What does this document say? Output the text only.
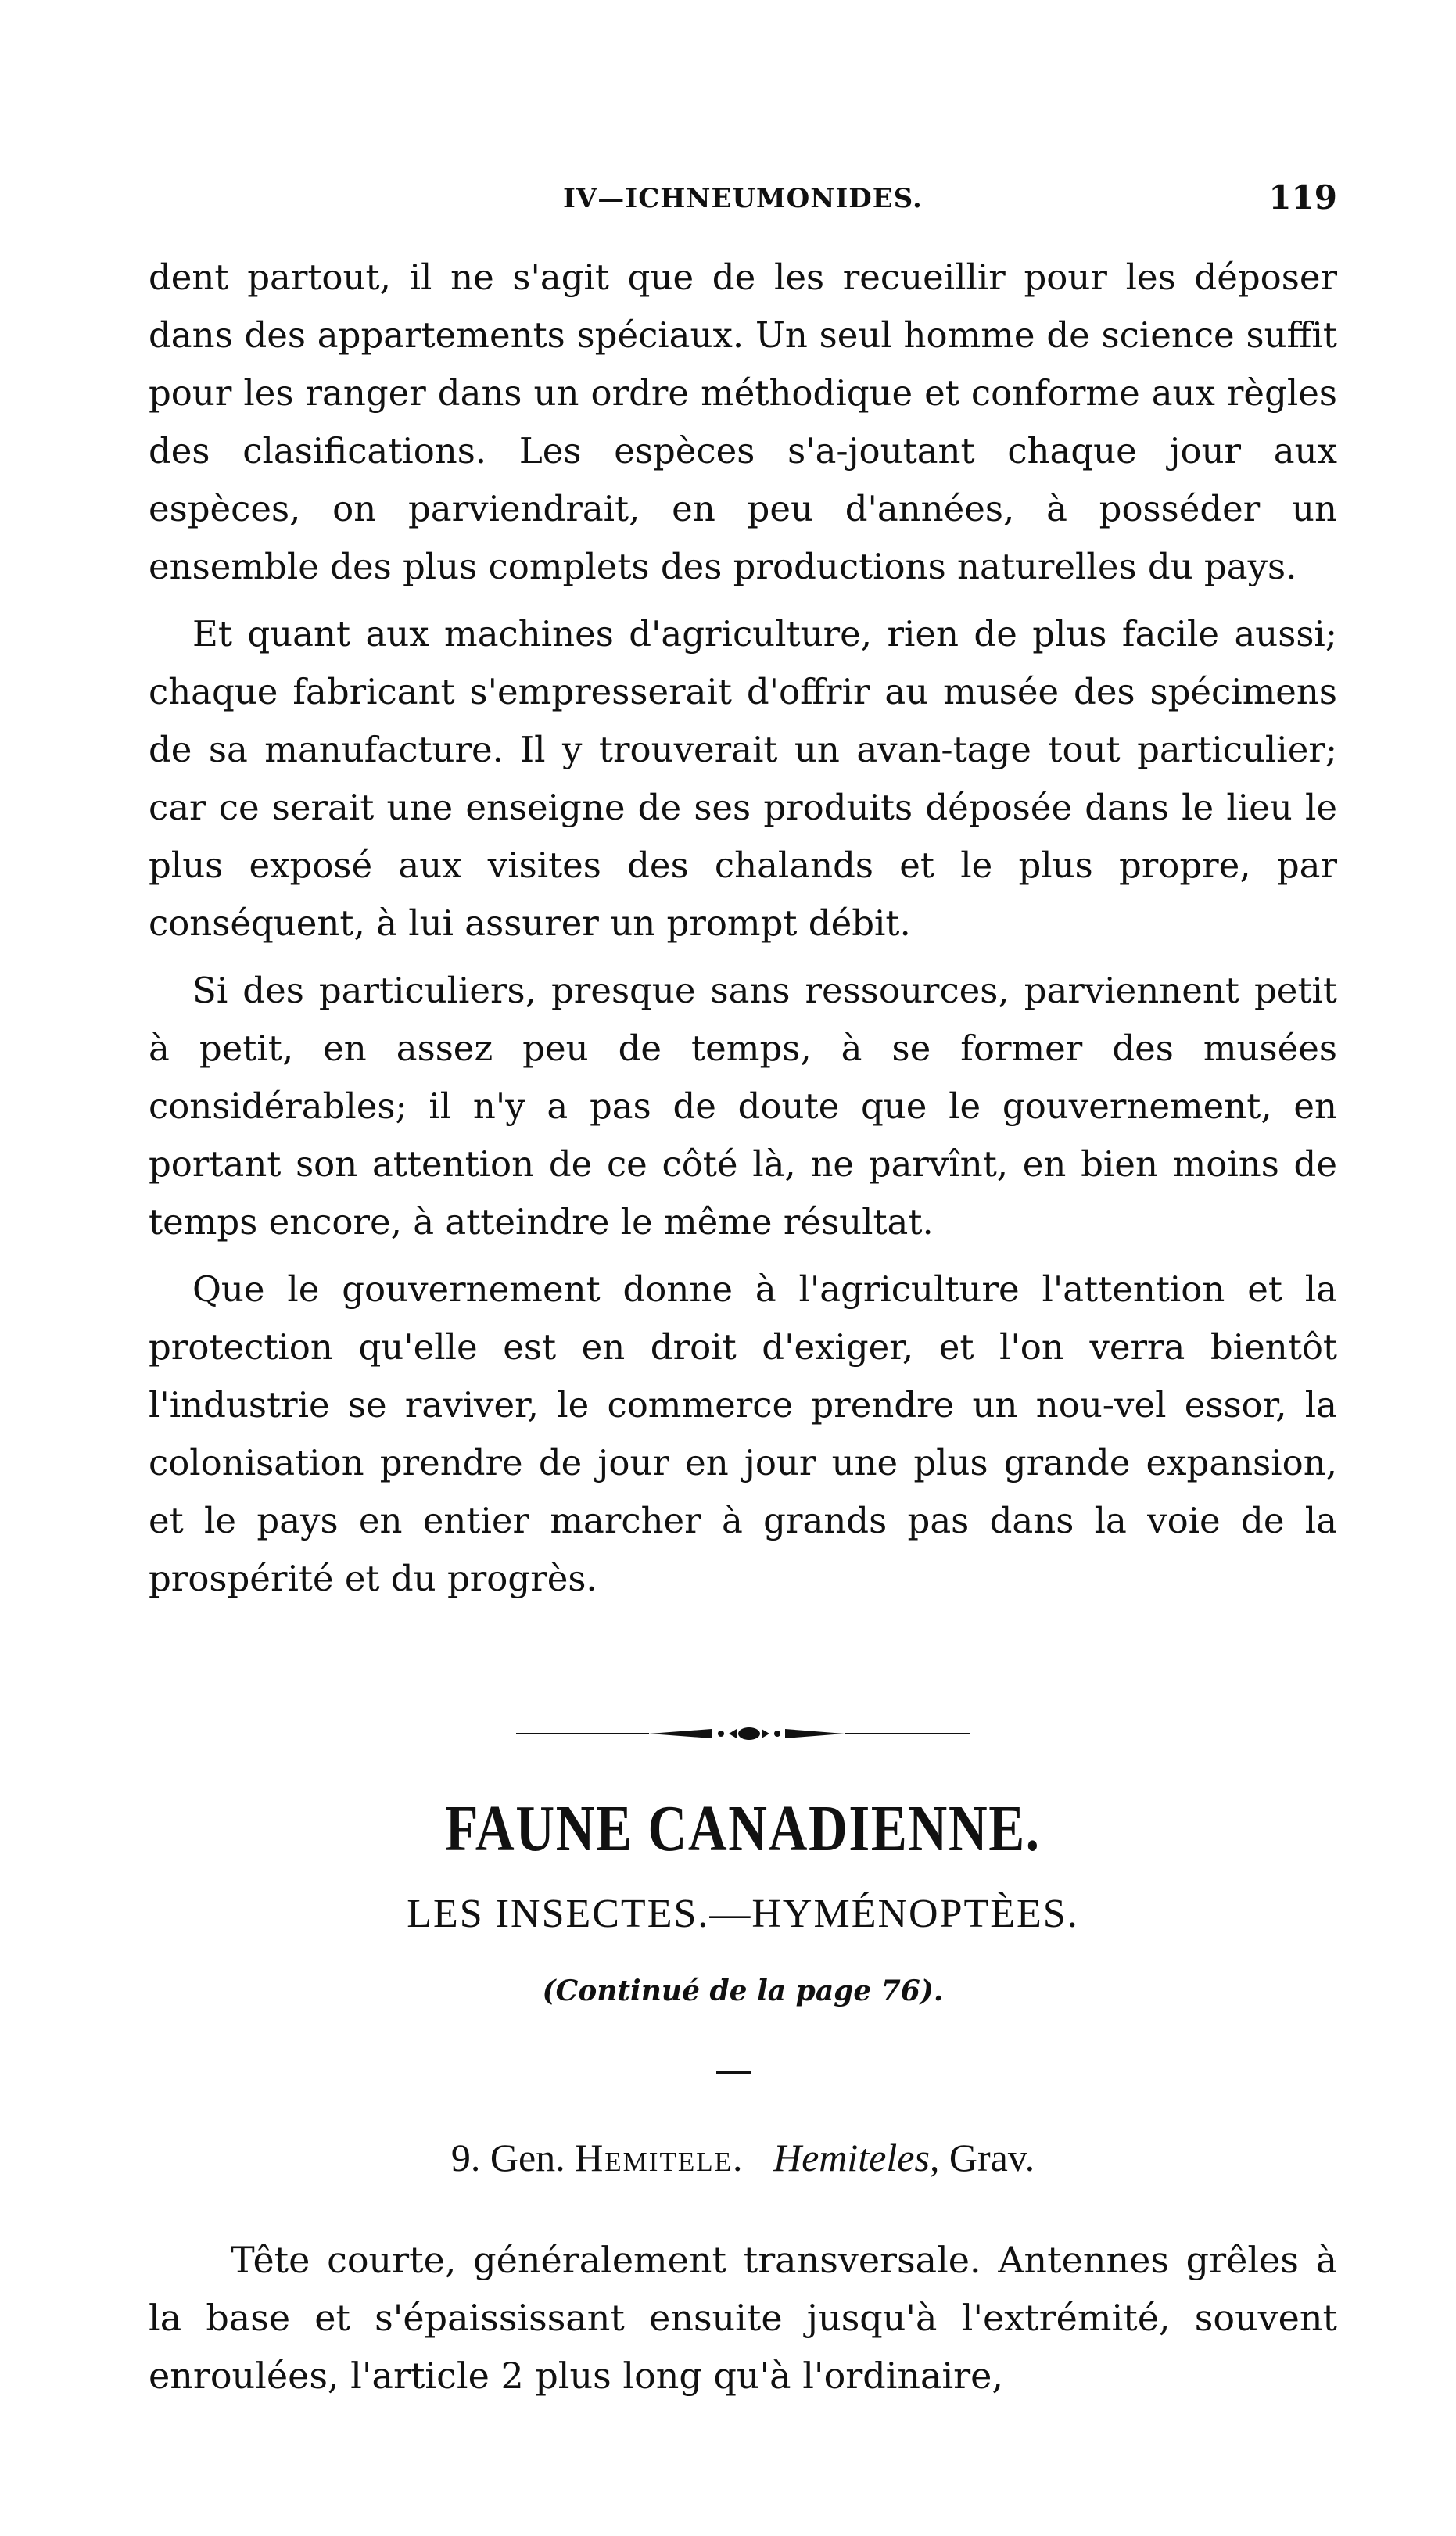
IV—ICHNEUMONIDES.	119

dent partout, il ne s'agit que de les recueillir pour les déposer dans des appartements spéciaux. Un seul homme de science suffit pour les ranger dans un ordre méthodique et conforme aux règles des clasifications. Les espèces s'a-joutant chaque jour aux espèces, on parviendrait, en peu d'années, à posséder un ensemble des plus complets des productions naturelles du pays.

Et quant aux machines d'agriculture, rien de plus facile aussi; chaque fabricant s'empresserait d'offrir au musée des spécimens de sa manufacture. Il y trouverait un avan-tage tout particulier; car ce serait une enseigne de ses produits déposée dans le lieu le plus exposé aux visites des chalands et le plus propre, par conséquent, à lui assurer un prompt débit.

Si des particuliers, presque sans ressources, parviennent petit à petit, en assez peu de temps, à se former des musées considérables; il n'y a pas de doute que le gouvernement, en portant son attention de ce côté là, ne parvînt, en bien moins de temps encore, à atteindre le même résultat.

Que le gouvernement donne à l'agriculture l'attention et la protection qu'elle est en droit d'exiger, et l'on verra bientôt l'industrie se raviver, le commerce prendre un nou-vel essor, la colonisation prendre de jour en jour une plus grande expansion, et le pays en entier marcher à grands pas dans la voie de la prospérité et du progrès.

FAUNE CANADIENNE.
LES INSECTES.—HYMÉNOPTÈES.
(Continué de la page 76).
9. Gen. Hemitele. Hemiteles, Grav.
Tête courte, généralement transversale. Antennes grêles à la base et s'épaississant ensuite jusqu'à l'extrémité, souvent enroulées, l'article 2 plus long qu'à l'ordinaire,
